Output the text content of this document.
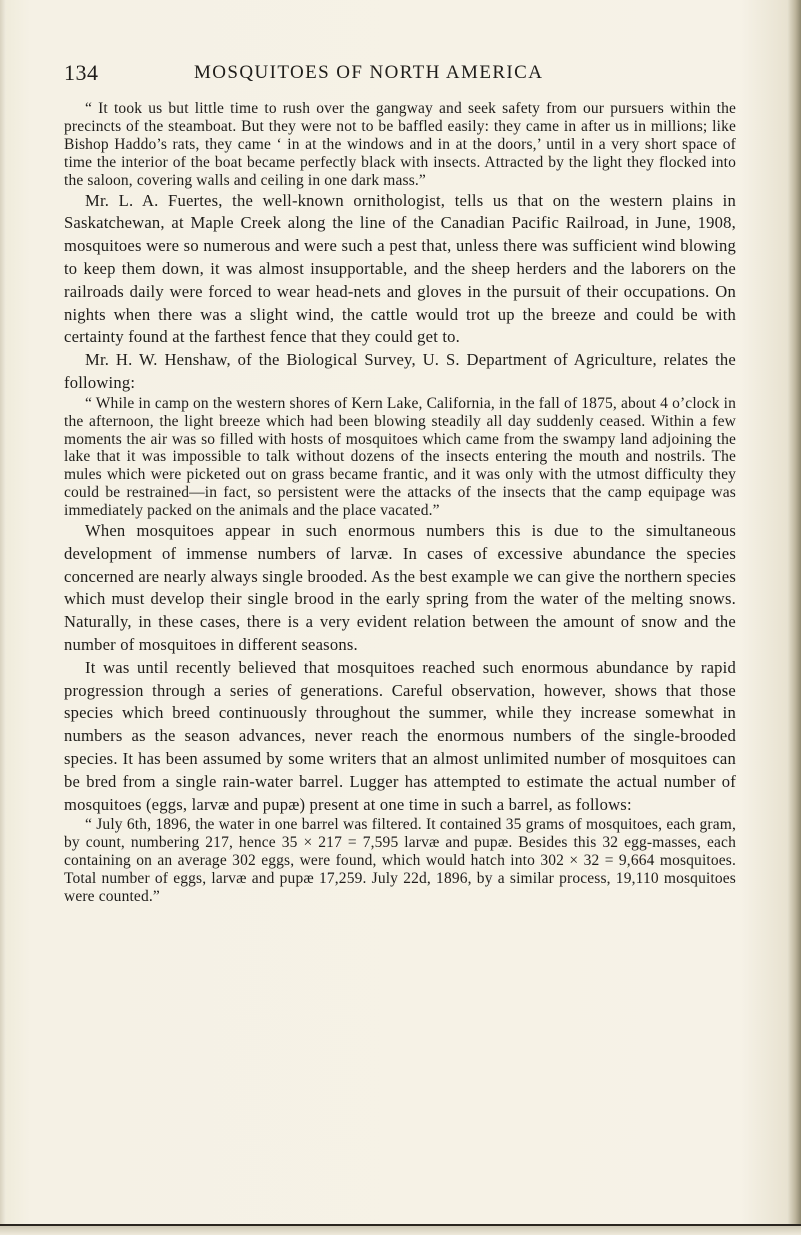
134	MOSQUITOES OF NORTH AMERICA

“ It took us but little time to rush over the gangway and seek safety from our pursuers within the precincts of the steamboat. But they were not to be baffled easily: they came in after us in millions; like Bishop Haddo’s rats, they came ‘ in at the windows and in at the doors,’ until in a very short space of time the interior of the boat became perfectly black with insects. Attracted by the light they flocked into the saloon, covering walls and ceiling in one dark mass.”

Mr. L. A. Fuertes, the well-known ornithologist, tells us that on the western plains in Saskatchewan, at Maple Creek along the line of the Canadian Pacific Railroad, in June, 1908, mosquitoes were so numerous and were such a pest that, unless there was sufficient wind blowing to keep them down, it was almost insupportable, and the sheep herders and the laborers on the railroads daily were forced to wear head-nets and gloves in the pursuit of their occupations. On nights when there was a slight wind, the cattle would trot up the breeze and could be with certainty found at the farthest fence that they could get to.

Mr. H. W. Henshaw, of the Biological Survey, U. S. Department of Agriculture, relates the following:

“ While in camp on the western shores of Kern Lake, California, in the fall of 1875, about 4 o’clock in the afternoon, the light breeze which had been blowing steadily all day suddenly ceased. Within a few moments the air was so filled with hosts of mosquitoes which came from the swampy land adjoining the lake that it was impossible to talk without dozens of the insects entering the mouth and nostrils. The mules which were picketed out on grass became frantic, and it was only with the utmost difficulty they could be restrained—in fact, so persistent were the attacks of the insects that the camp equipage was immediately packed on the animals and the place vacated.”

When mosquitoes appear in such enormous numbers this is due to the simultaneous development of immense numbers of larvæ. In cases of excessive abundance the species concerned are nearly always single brooded. As the best example we can give the northern species which must develop their single brood in the early spring from the water of the melting snows. Naturally, in these cases, there is a very evident relation between the amount of snow and the number of mosquitoes in different seasons.

It was until recently believed that mosquitoes reached such enormous abundance by rapid progression through a series of generations. Careful observation, however, shows that those species which breed continuously throughout the summer, while they increase somewhat in numbers as the season advances, never reach the enormous numbers of the single-brooded species. It has been assumed by some writers that an almost unlimited number of mosquitoes can be bred from a single rain-water barrel. Lugger has attempted to estimate the actual number of mosquitoes (eggs, larvæ and pupæ) present at one time in such a barrel, as follows:

“ July 6th, 1896, the water in one barrel was filtered. It contained 35 grams of mosquitoes, each gram, by count, numbering 217, hence 35 × 217 = 7,595 larvæ and pupæ. Besides this 32 egg-masses, each containing on an average 302 eggs, were found, which would hatch into 302 × 32 = 9,664 mosquitoes. Total number of eggs, larvæ and pupæ 17,259. July 22d, 1896, by a similar process, 19,110 mosquitoes were counted.”
